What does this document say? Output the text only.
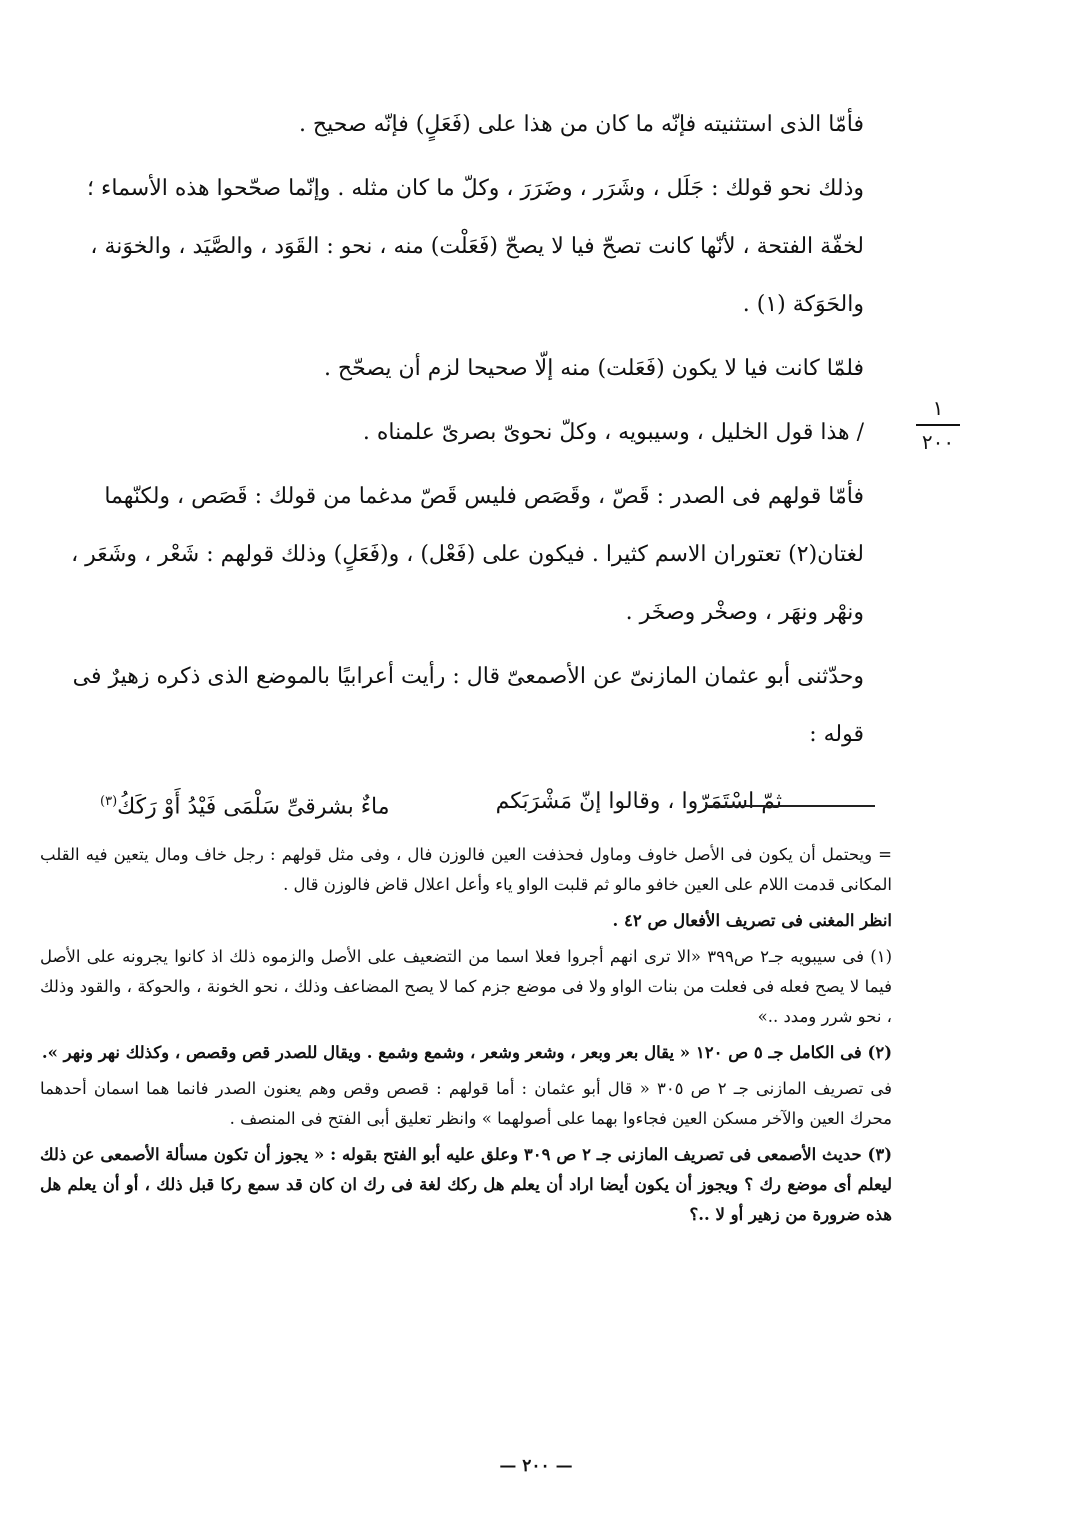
فأمّا الذى استثنيته فإنّه ما كان من هذا على (فَعَلٍ) فإنّه صحيح .

وذلك نحو قولك : جَلَل ، وشَرَر ، وضَرَرَ ، وكلّ ما كان مثله . وإنّما صحّحوا هذه الأسماء ؛ لخفّة الفتحة ، لأنّها كانت تصحّ فيا لا يصحّ (فَعَلْت) منه ، نحو : القَوَد ، والصَّيَد ، والخوَنة ، والحَوَكة (١) .

فلمّا كانت فيا لا يكون (فَعَلت) منه إلّا صحيحا لزم أن يصحّح .

/ هذا قول الخليل ، وسيبويه ، وكلّ نحوىّ بصرىّ علمناه .

فأمّا قولهم فى الصدر : قَصّ ، وقَصَص فليس قَصّ مدغما من قولك : قَصَص ، ولكنّهما لغتان(٢) تعتوران الاسم كثيرا . فيكون على (فَعْل) ، و(فَعَلٍ) وذلك قولهم : شَعْر ، وشَعَر ، ونهْر ونهَر ، وصخْر وصخَر .

وحدّثنى أبو عثمان المازنىّ عن الأصمعىّ قال : رأيت أعرابيًا بالموضع الذى ذكره زهيرٌ فى قوله :

ثمّ اسْتَمَرّوا ، وقالوا إنّ مَشْرَبَكم
ماءٌ بشرقىِّ سَلْمَى فَيْدُ أَوْ رَكَكُ$^{(٣)}$
١
٢٠٠

= ويحتمل أن يكون فى الأصل خاوف وماول فحذفت العين فالوزن فال ، وفى مثل قولهم : رجل خاف ومال يتعين فيه القلب المكانى قدمت اللام على العين خافو مالو ثم قلبت الواو ياء وأعل اعلال قاض فالوزن قال .

انظر المغنى فى تصريف الأفعال ص ٤٢ .

(١) فى سيبويه جـ٢ ص٣٩٩ «الا ترى انهم أجروا فعلا اسما من التضعيف على الأصل والزموه ذلك اذ كانوا يجرونه على الأصل فيما لا يصح فعله فى فعلت من بنات الواو ولا فى موضع جزم كما لا يصح المضاعف وذلك ، نحو الخونة ، والحوكة ، والقود وذلك ، نحو شرر ومدد ..»

(٢) فى الكامل جـ ٥ ص ١٢٠ « يقال بعر وبعر ، وشعر وشعر ، وشمع وشمع . ويقال للصدر قص وقصص ، وكذلك نهر ونهر ».

فى تصريف المازنى جـ ٢ ص ٣٠٥ « قال أبو عثمان : أما قولهم : قصص وقص وهم يعنون الصدر فانما هما اسمان أحدهما محرك العين والآخر مسكن العين فجاءوا بهما على أصولهما » وانظر تعليق أبى الفتح فى المنصف .

(٣) حديث الأصمعى فى تصريف المازنى جـ ٢ ص ٣٠٩ وعلق عليه أبو الفتح بقوله : « يجوز أن تكون مسألة الأصمعى عن ذلك ليعلم أى موضع رك ؟ ويجوز أن يكون أيضا اراد أن يعلم هل ركك لغة فى رك ان كان قد سمع ركا قبل ذلك ، أو أن يعلم هل هذه ضرورة من زهير أو لا ..؟

— ٢٠٠ —
